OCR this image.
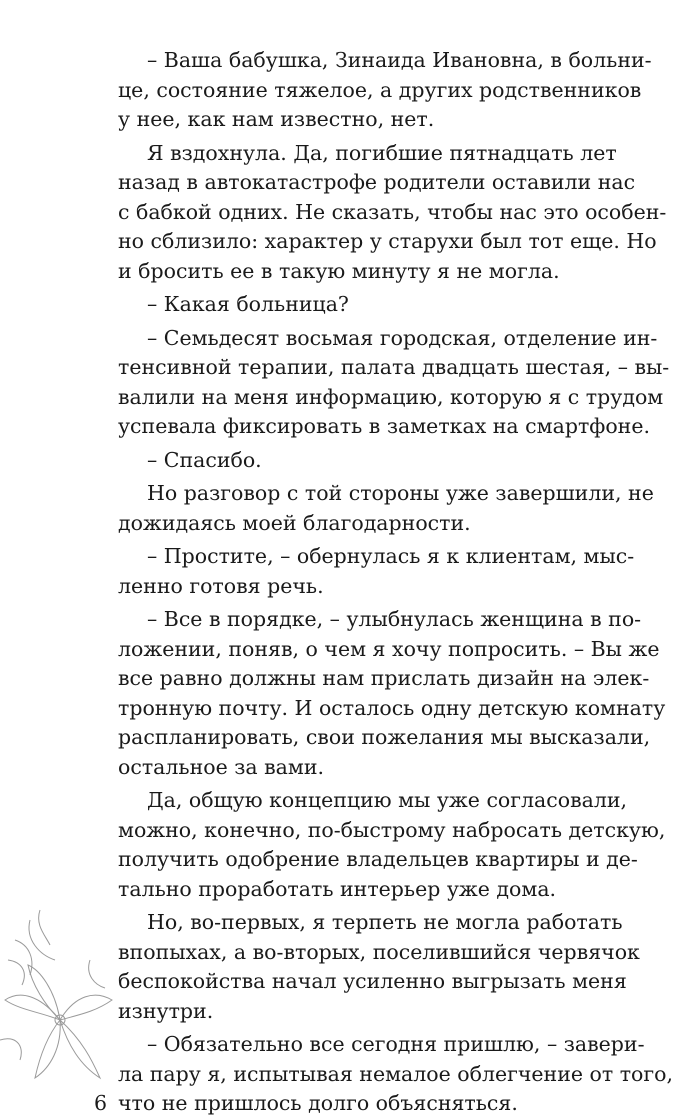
– Ваша бабушка, Зинаида Ивановна, в больни-
це, состояние тяжелое, а других родственников
у нее, как нам известно, нет.
Я вздохнула. Да, погибшие пятнадцать лет
назад в автокатастрофе родители оставили нас
с бабкой одних. Не сказать, чтобы нас это особен-
но сблизило: характер у старухи был тот еще. Но
и бросить ее в такую минуту я не могла.
– Какая больница?
– Семьдесят восьмая городская, отделение ин-
тенсивной терапии, палата двадцать шестая, – вы-
валили на меня информацию, которую я с трудом
успевала фиксировать в заметках на смартфоне.
– Спасибо.
Но разговор с той стороны уже завершили, не
дожидаясь моей благодарности.
– Простите, – обернулась я к клиентам, мыс-
ленно готовя речь.
– Все в порядке, – улыбнулась женщина в по-
ложении, поняв, о чем я хочу попросить. – Вы же
все равно должны нам прислать дизайн на элек-
тронную почту. И осталось одну детскую комнату
распланировать, свои пожелания мы высказали,
остальное за вами.
Да, общую концепцию мы уже согласовали,
можно, конечно, по-быстрому набросать детскую,
получить одобрение владельцев квартиры и де-
тально проработать интерьер уже дома.
Но, во-первых, я терпеть не могла работать
впопыхах, а во-вторых, поселившийся червячок
беспокойства начал усиленно выгрызать меня
изнутри.
– Обязательно все сегодня пришлю, – завери-
ла пару я, испытывая немалое облегчение от того,
что не пришлось долго объясняться.
6
